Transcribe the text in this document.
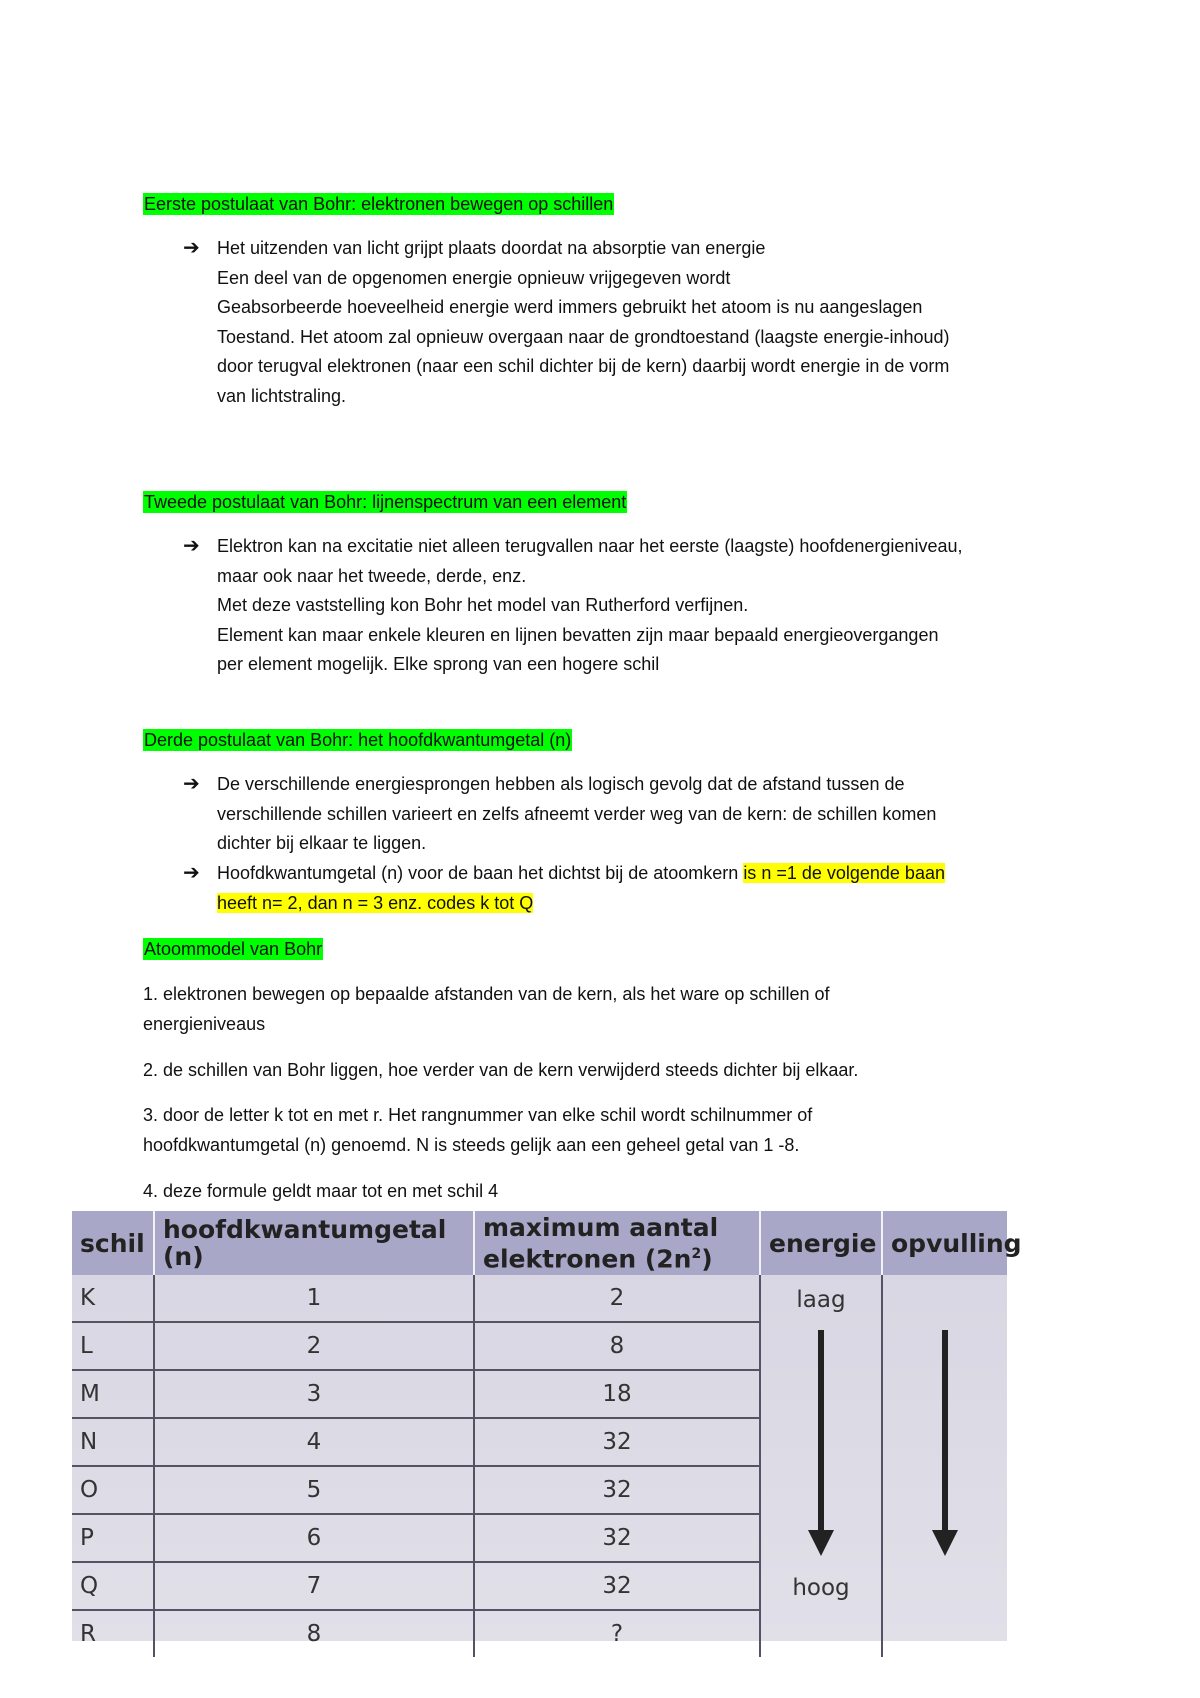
Eerste postulaat van Bohr: elektronen bewegen op schillen
➔ Het uitzenden van licht grijpt plaats doordat na absorptie van energie
Een deel van de opgenomen energie opnieuw vrijgegeven wordt
Geabsorbeerde hoeveelheid energie werd immers gebruikt het atoom is nu aangeslagen
Toestand. Het atoom zal opnieuw overgaan naar de grondtoestand (laagste energie-inhoud)
door terugval elektronen (naar een schil dichter bij de kern) daarbij wordt energie in de vorm
van lichtstraling.
Tweede postulaat van Bohr: lijnenspectrum van een element
➔ Elektron kan na excitatie niet alleen terugvallen naar het eerste (laagste) hoofdenergieniveau,
maar ook naar het tweede, derde, enz.
Met deze vaststelling kon Bohr het model van Rutherford verfijnen.
Element kan maar enkele kleuren en lijnen bevatten zijn maar bepaald energieovergangen
per element mogelijk. Elke sprong van een hogere schil
Derde postulaat van Bohr: het hoofdkwantumgetal (n)
➔ De verschillende energiesprongen hebben als logisch gevolg dat de afstand tussen de
verschillende schillen varieert en zelfs afneemt verder weg van de kern: de schillen komen
dichter bij elkaar te liggen.
➔ Hoofdkwantumgetal (n) voor de baan het dichtst bij de atoomkern is n =1 de volgende baan
heeft n= 2, dan n = 3 enz. codes k tot Q
Atoommodel van Bohr
1. elektronen bewegen op bepaalde afstanden van de kern, als het ware op schillen of
energieniveaus
2. de schillen van Bohr liggen, hoe verder van de kern verwijderd steeds dichter bij elkaar.
3. door de letter k tot en met r. Het rangnummer van elke schil wordt schilnummer of
hoofdkwantumgetal (n) genoemd. N is steeds gelijk aan een geheel getal van 1 -8.
4. deze formule geldt maar tot en met schil 4
schil	hoofdkwantumgetal (n)	maximum aantal
elektronen $(2n^2)$	energie	opvulling
K	1	2	laag
hoog

L	2	8		
M	3	18		
N	4	32		
O	5	32		
P	6	32		
Q	7	32		
R	8	?		
